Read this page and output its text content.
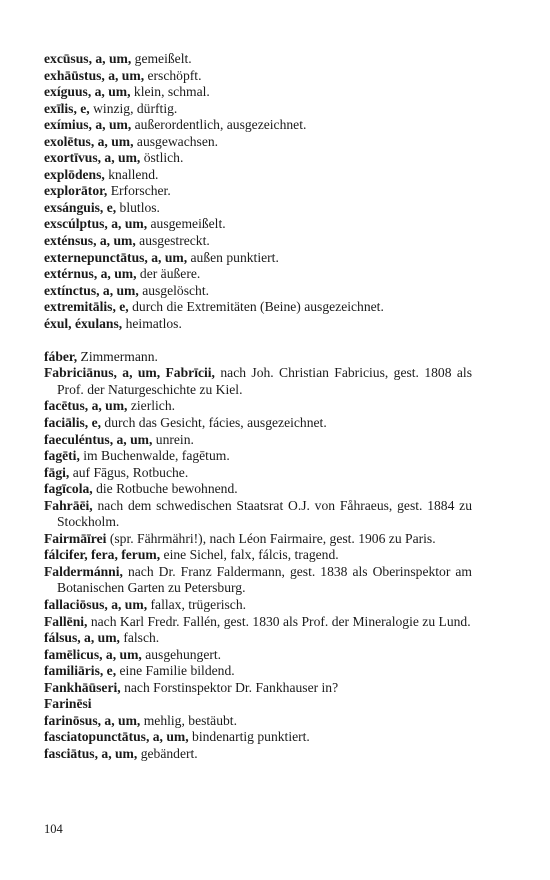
excūsus, a, um, gemeißelt.
exhāūstus, a, um, erschöpft.
exíguus, a, um, klein, schmal.
exīlis, e, winzig, dürftig.
exímius, a, um, außerordentlich, ausgezeichnet.
exolētus, a, um, ausgewachsen.
exortīvus, a, um, östlich.
explōdens, knallend.
explorātor, Erforscher.
exsánguis, e, blutlos.
exscúlptus, a, um, ausgemeißelt.
exténsus, a, um, ausgestreckt.
externepunctātus, a, um, außen punktiert.
extérnus, a, um, der äußere.
extínctus, a, um, ausgelöscht.
extremitālis, e, durch die Extremitäten (Beine) ausgezeichnet.
éxul, éxulans, heimatlos.
fáber, Zimmermann.
Fabriciānus, a, um, Fabrīcii, nach Joh. Christian Fabricius, gest. 1808 als Prof. der Naturgeschichte zu Kiel.
facētus, a, um, zierlich.
faciālis, e, durch das Gesicht, fácies, ausgezeichnet.
faeculéntus, a, um, unrein.
fagēti, im Buchenwalde, fagētum.
fāgi, auf Fāgus, Rotbuche.
fagīcola, die Rotbuche bewohnend.
Fahrāēi, nach dem schwedischen Staatsrat O.J. von Fåhraeus, gest. 1884 zu Stockholm.
Fairmāīrei (spr. Fährmähri!), nach Léon Fairmaire, gest. 1906 zu Paris.
fálcifer, fera, ferum, eine Sichel, falx, fálcis, tragend.
Faldermánni, nach Dr. Franz Faldermann, gest. 1838 als Oberinspektor am Botanischen Garten zu Petersburg.
fallaciōsus, a, um, fallax, trügerisch.
Fallēni, nach Karl Fredr. Fallén, gest. 1830 als Prof. der Mineralogie zu Lund.
fálsus, a, um, falsch.
famēlicus, a, um, ausgehungert.
familiāris, e, eine Familie bildend.
Fankhāūseri, nach Forstinspektor Dr. Fankhauser in?
Farinēsi
farinōsus, a, um, mehlig, bestäubt.
fasciatopunctātus, a, um, bindenartig punktiert.
fasciātus, a, um, gebändert.
104
